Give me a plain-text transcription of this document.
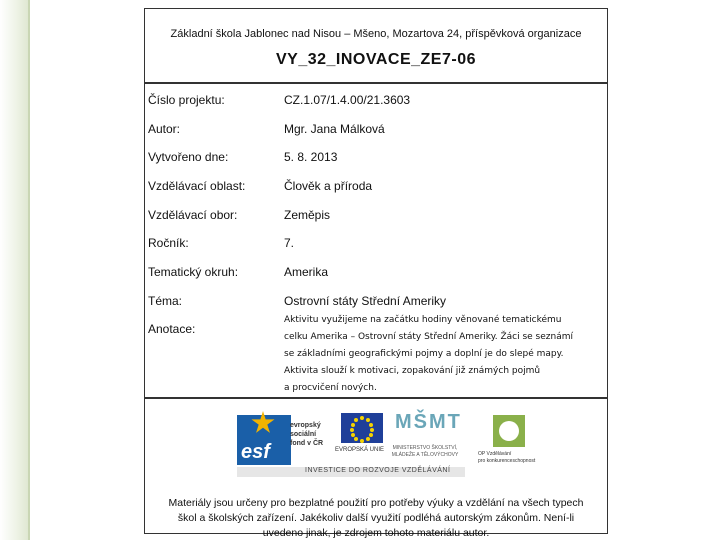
Základní škola Jablonec nad Nisou – Mšeno, Mozartova 24, příspěvková organizace
VY_32_INOVACE_ZE7-06
Číslo projektu:	CZ.1.07/1.4.00/21.3603
Autor:	Mgr. Jana Málková
Vytvořeno dne:	5. 8. 2013
Vzdělávací oblast:	Člověk a příroda
Vzdělávací obor:	Zeměpis
Ročník:	7.
Tematický okruh:	Amerika
Téma:	Ostrovní státy Střední Ameriky
Anotace:
Aktivitu využijeme na začátku hodiny věnované tematickému
celku Amerika – Ostrovní státy Střední Ameriky. Žáci se seznámí
se základními geografickými pojmy a doplní je do slepé mapy.
Aktivita slouží k motivaci, zopakování již známých pojmů
a procvičení nových.
esf
evropský
sociální
fond v ČR
EVROPSKÁ UNIE
MŠMT
MINISTERSTVO ŠKOLSTVÍ,
MLÁDEŽE A TĚLOVÝCHOVY	OP Vzdělávání
pro konkurenceschopnost
INVESTICE DO ROZVOJE VZDĚLÁVÁNÍ
Materiály jsou určeny pro bezplatné použití pro potřeby výuky a vzdělání na všech typech
škol a školských zařízení. Jakékoliv další využití podléhá autorským zákonům. Není-li
uvedeno jinak, je zdrojem tohoto materiálu autor.
